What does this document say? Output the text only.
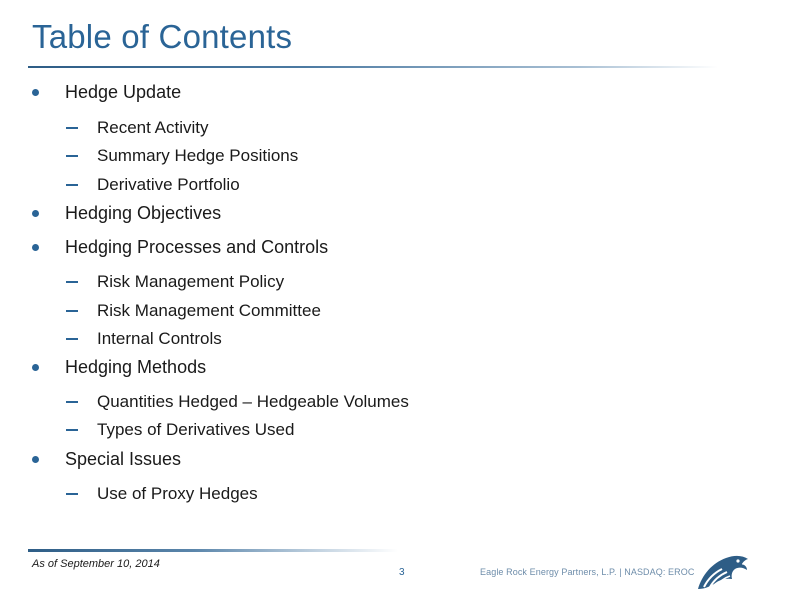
Table of Contents
Hedge Update
Recent Activity
Summary Hedge Positions
Derivative Portfolio
Hedging Objectives
Hedging Processes and Controls
Risk Management Policy
Risk Management Committee
Internal Controls
Hedging Methods
Quantities Hedged – Hedgeable Volumes
Types of Derivatives Used
Special Issues
Use of Proxy Hedges
As of September 10, 2014
3	Eagle Rock Energy Partners, L.P. | NASDAQ: EROC
